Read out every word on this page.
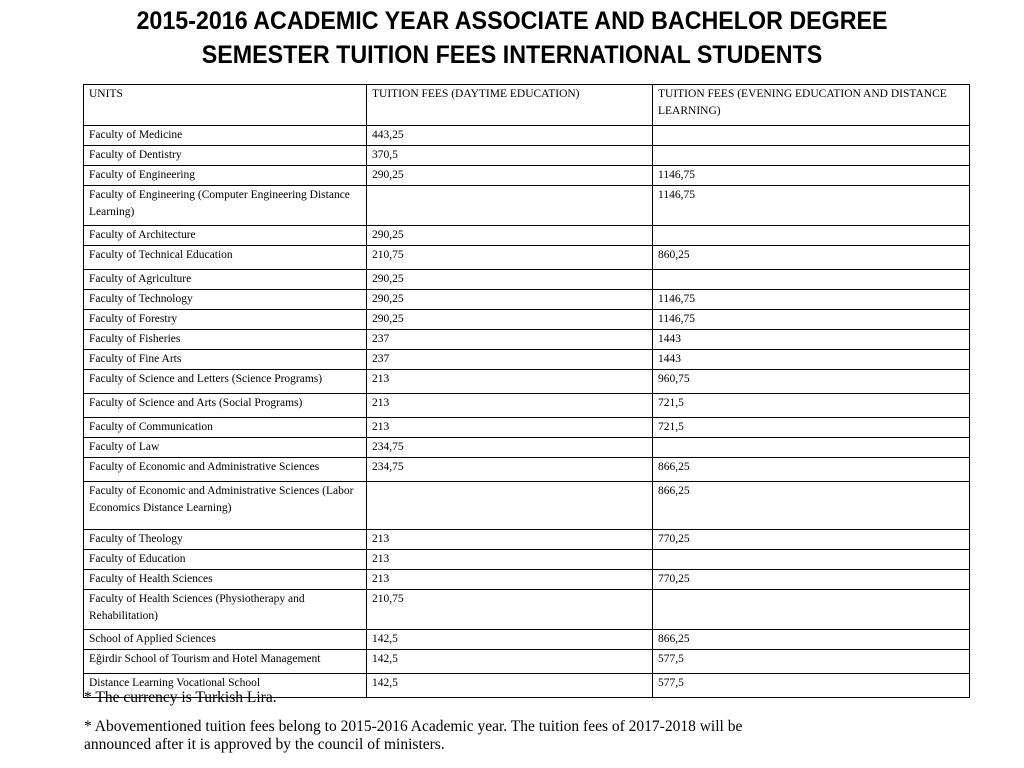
2015-2016 ACADEMIC YEAR ASSOCIATE AND BACHELOR DEGREE
SEMESTER TUITION FEES INTERNATIONAL STUDENTS
UNITS	TUITION FEES (DAYTIME EDUCATION)	TUITION FEES (EVENING EDUCATION AND DISTANCE LEARNING)
Faculty of Medicine	443,25	
Faculty of Dentistry	370,5	
Faculty of Engineering	290,25	1146,75
Faculty of Engineering (Computer Engineering Distance Learning)		1146,75
Faculty of Architecture	290,25	
Faculty of Technical Education	210,75	860,25
Faculty of Agriculture	290,25	
Faculty of Technology	290,25	1146,75
Faculty of Forestry	290,25	1146,75
Faculty of Fisheries	237	1443
Faculty of Fine Arts	237	1443
Faculty of Science and Letters (Science Programs)	213	960,75
Faculty of Science and Arts (Social Programs)	213	721,5
Faculty of Communication	213	721,5
Faculty of Law	234,75	
Faculty of Economic and Administrative Sciences	234,75	866,25
Faculty of Economic and Administrative Sciences (Labor Economics Distance Learning)		866,25
Faculty of Theology	213	770,25
Faculty of Education	213	
Faculty of Health Sciences	213	770,25
Faculty of Health Sciences (Physiotherapy and Rehabilitation)	210,75	
School of Applied Sciences	142,5	866,25
Eğirdir School of Tourism and Hotel Management	142,5	577,5
Distance Learning Vocational School	142,5	577,5

* The currency is Turkish Lira.

* Abovementioned tuition fees belong to 2015-2016 Academic year. The tuition fees of 2017-2018 will be announced after it is approved by the council of ministers.
